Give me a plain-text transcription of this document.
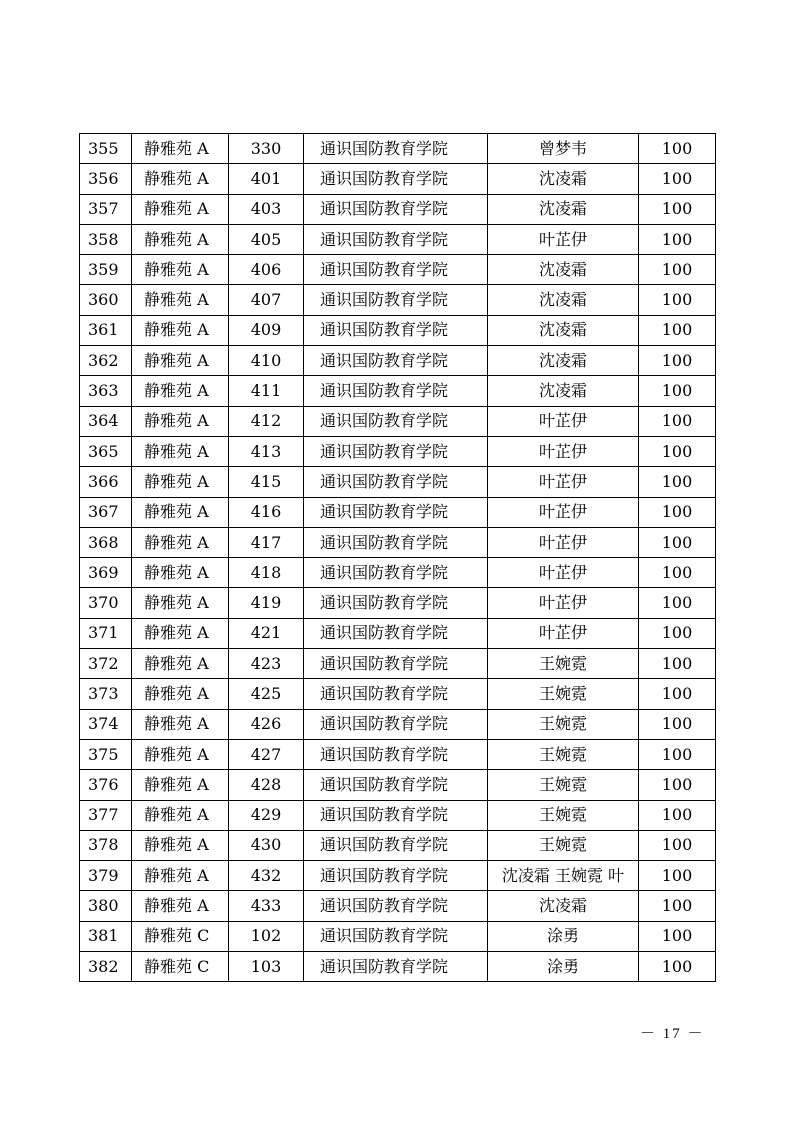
355	静雅苑 A	330	通识国防教育学院	曾梦韦	100
356	静雅苑 A	401	通识国防教育学院	沈凌霜	100
357	静雅苑 A	403	通识国防教育学院	沈凌霜	100
358	静雅苑 A	405	通识国防教育学院	叶芷伊	100
359	静雅苑 A	406	通识国防教育学院	沈凌霜	100
360	静雅苑 A	407	通识国防教育学院	沈凌霜	100
361	静雅苑 A	409	通识国防教育学院	沈凌霜	100
362	静雅苑 A	410	通识国防教育学院	沈凌霜	100
363	静雅苑 A	411	通识国防教育学院	沈凌霜	100
364	静雅苑 A	412	通识国防教育学院	叶芷伊	100
365	静雅苑 A	413	通识国防教育学院	叶芷伊	100
366	静雅苑 A	415	通识国防教育学院	叶芷伊	100
367	静雅苑 A	416	通识国防教育学院	叶芷伊	100
368	静雅苑 A	417	通识国防教育学院	叶芷伊	100
369	静雅苑 A	418	通识国防教育学院	叶芷伊	100
370	静雅苑 A	419	通识国防教育学院	叶芷伊	100
371	静雅苑 A	421	通识国防教育学院	叶芷伊	100
372	静雅苑 A	423	通识国防教育学院	王婉霓	100
373	静雅苑 A	425	通识国防教育学院	王婉霓	100
374	静雅苑 A	426	通识国防教育学院	王婉霓	100
375	静雅苑 A	427	通识国防教育学院	王婉霓	100
376	静雅苑 A	428	通识国防教育学院	王婉霓	100
377	静雅苑 A	429	通识国防教育学院	王婉霓	100
378	静雅苑 A	430	通识国防教育学院	王婉霓	100
379	静雅苑 A	432	通识国防教育学院	沈凌霜 王婉霓 叶	100
380	静雅苑 A	433	通识国防教育学院	沈凌霜	100
381	静雅苑 C	102	通识国防教育学院	涂勇	100
382	静雅苑 C	103	通识国防教育学院	涂勇	100
－ 17 －
